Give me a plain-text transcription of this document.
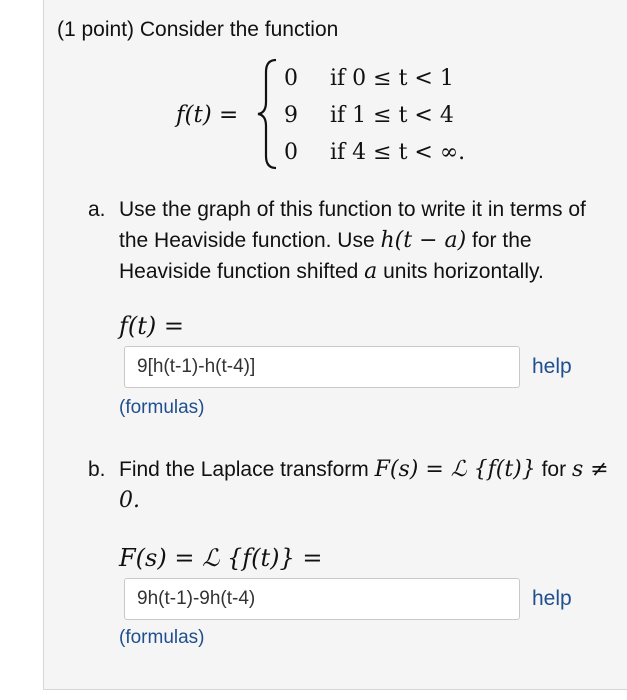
(1 point) Consider the function
f(t) =
0 if 0 ≤ t < 1
9 if 1 ≤ t < 4
0 if 4 ≤ t < ∞.
a. Use the graph of this function to write it in terms of the Heaviside function. Use h(t − a) for the Heaviside function shifted a units horizontally.
f(t) =
9[h(t-1)-h(t-4)]	help
(formulas)
b. Find the Laplace transform F(s) = ℒ {f(t)} for s ≠ 0.
F(s) = ℒ {f(t)} =
9h(t-1)-9h(t-4)	help
(formulas)
